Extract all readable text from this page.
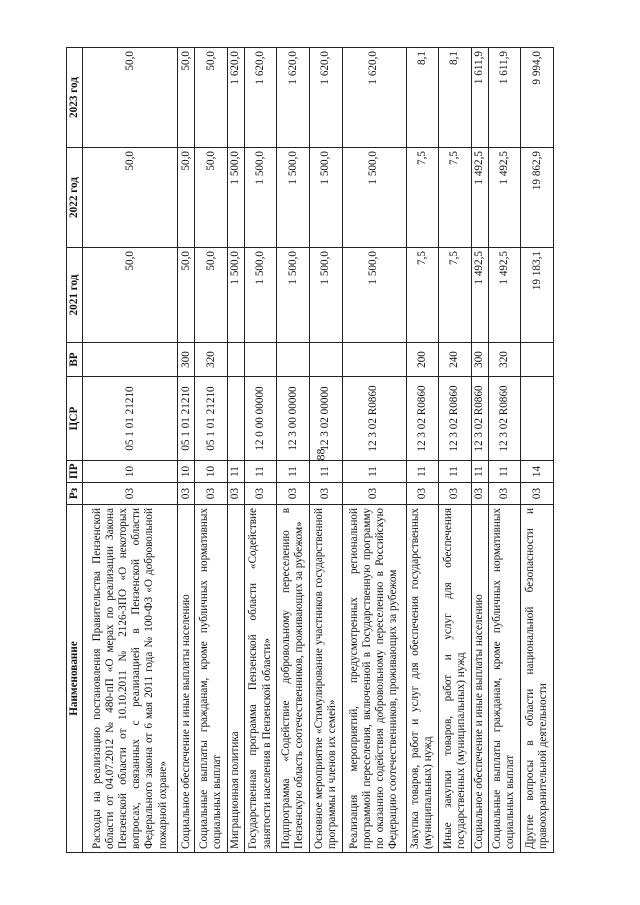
88
Наименование	Рз	ПР	ЦСР	ВР	2021 год	2022 год	2023 год
Расходы на реализацию постановления Правительства Пензенской области от 04.07.2012 № 480-пП «О мерах по реализации Закона Пензенской области от 10.10.2011 № 2126-ЗПО «О некоторых вопросах, связанных с реализацией в Пензенской области Федерального закона от 6 мая 2011 года № 100-ФЗ «О добровольной пожарной охране»	03	10	05 1 01 21210		50,0	50,0	50,0
Социальное обеспечение и иные выплаты населению	03	10	05 1 01 21210	300	50,0	50,0	50,0
Социальные выплаты гражданам, кроме публичных нормативных социальных выплат	03	10	05 1 01 21210	320	50,0	50,0	50,0
Миграционная политика	03	11			1 500,0	1 500,0	1 620,0
Государственная программа Пензенской области «Содействие занятости населения в Пензенской области»	03	11	12 0 00 00000		1 500,0	1 500,0	1 620,0
Подпрограмма «Содействие добровольному переселению в Пензенскую область соотечественников, проживающих за рубежом»	03	11	12 3 00 00000		1 500,0	1 500,0	1 620,0
Основное мероприятие «Стимулирование участников государственной программы и членов их семей»	03	11	12 3 02 00000		1 500,0	1 500,0	1 620,0
Реализация мероприятий, предусмотренных региональной программой переселения, включенной в Государственную программу по оказанию содействия добровольному переселению в Российскую Федерацию соотечественников, проживающих за рубежом	03	11	12 3 02 R0860		1 500,0	1 500,0	1 620,0
Закупка товаров, работ и услуг для обеспечения государственных (муниципальных) нужд	03	11	12 3 02 R0860	200	7,5	7,5	8,1
Иные закупки товаров, работ и услуг для обеспечения государственных (муниципальных) нужд	03	11	12 3 02 R0860	240	7,5	7,5	8,1
Социальное обеспечение и иные выплаты населению	03	11	12 3 02 R0860	300	1 492,5	1 492,5	1 611,9
Социальные выплаты гражданам, кроме публичных нормативных социальных выплат	03	11	12 3 02 R0860	320	1 492,5	1 492,5	1 611,9
Другие вопросы в области национальной безопасности и правоохранительной деятельности	03	14			19 183,1	19 862,9	9 994,0
